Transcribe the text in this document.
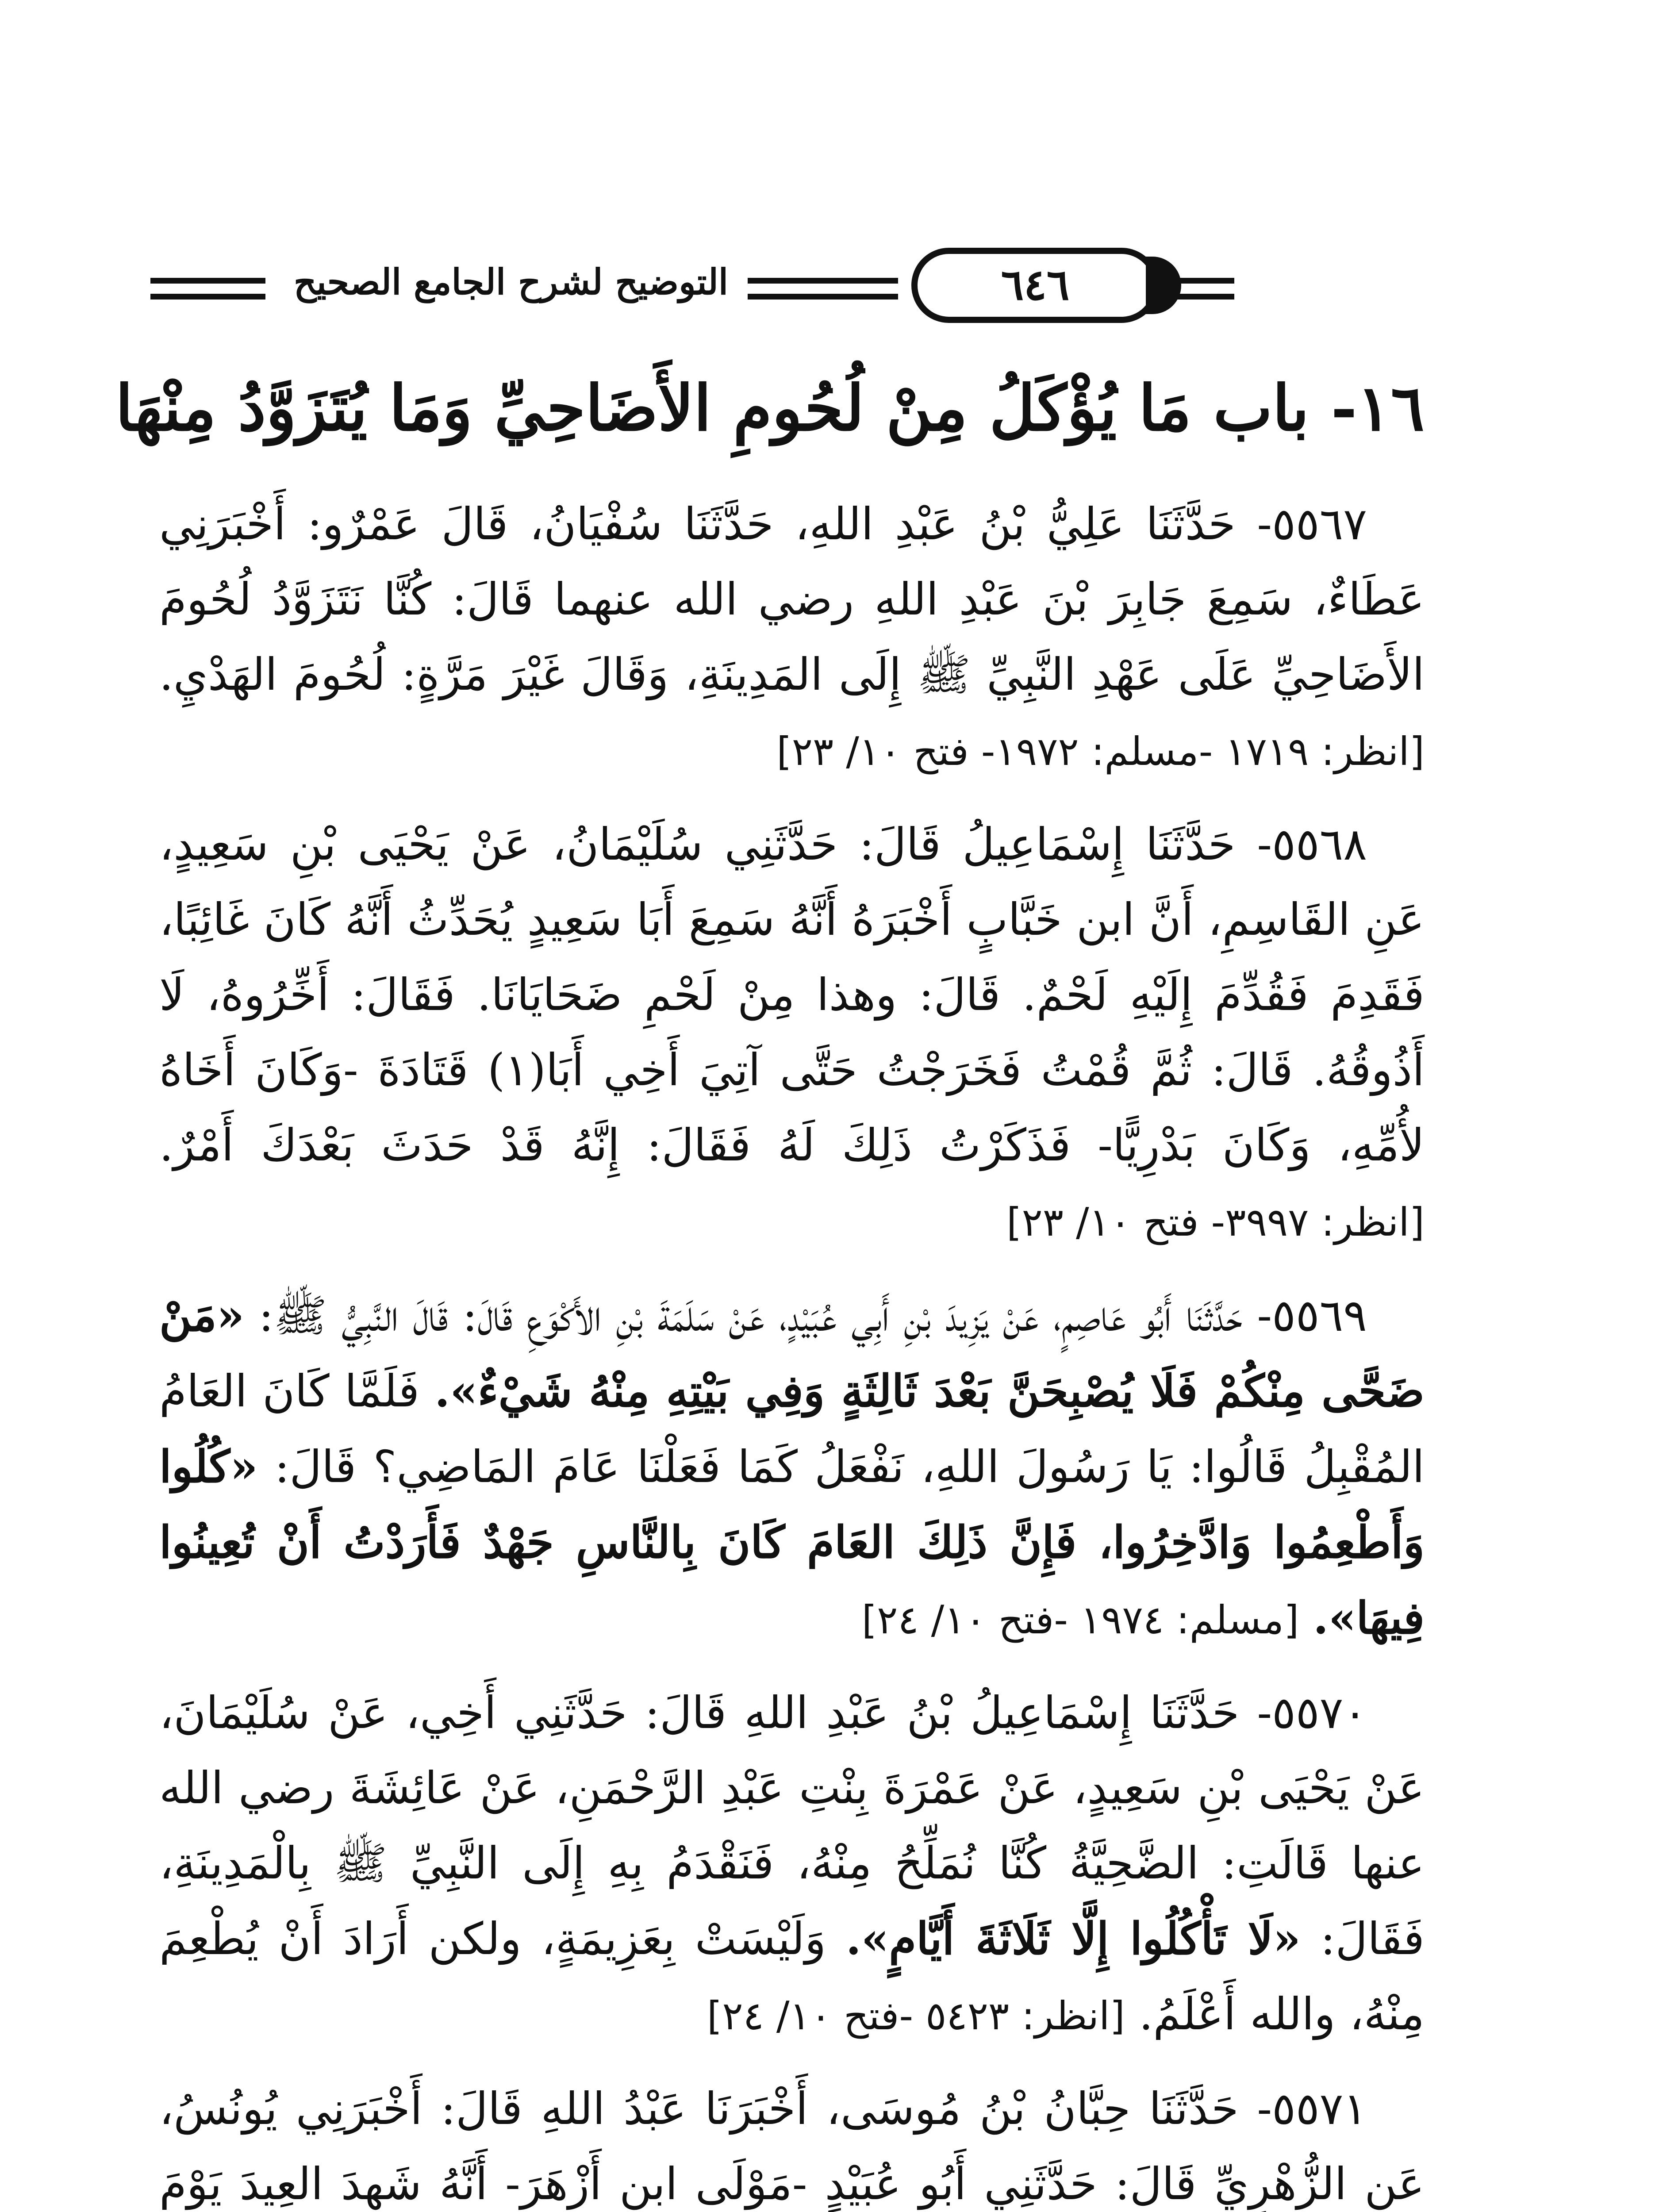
التوضيح لشرح الجامع الصحيح	٦٤٦
١٦- باب مَا يُؤْكَلُ مِنْ لُحُومِ الأَضَاحِيِّ وَمَا يُتَزَوَّدُ مِنْهَا

٥٥٦٧- حَدَّثَنَا عَلِيُّ بْنُ عَبْدِ اللهِ، حَدَّثَنَا سُفْيَانُ، قَالَ عَمْرٌو: أَخْبَرَنِي عَطَاءٌ، سَمِعَ جَابِرَ بْنَ عَبْدِ اللهِ رضي الله عنهما قَالَ: كُنَّا نَتَزَوَّدُ لُحُومَ الأَضَاحِيِّ عَلَى عَهْدِ النَّبِيِّ ﷺ إِلَى المَدِينَةِ، وَقَالَ غَيْرَ مَرَّةٍ: لُحُومَ الهَدْيِ. [انظر: ١٧١٩ -مسلم: ١٩٧٢- فتح ١٠/ ٢٣]

٥٥٦٨- حَدَّثَنَا إِسْمَاعِيلُ قَالَ: حَدَّثَنِي سُلَيْمَانُ، عَنْ يَحْيَى بْنِ سَعِيدٍ، عَنِ القَاسِمِ، أَنَّ ابن خَبَّابٍ أَخْبَرَهُ أَنَّهُ سَمِعَ أَبَا سَعِيدٍ يُحَدِّثُ أَنَّهُ كَانَ غَائِبًا، فَقَدِمَ فَقُدِّمَ إِلَيْهِ لَحْمٌ. قَالَ: وهذا مِنْ لَحْمِ ضَحَايَانَا. فَقَالَ: أَخِّرُوهُ، لَا أَذُوقُهُ. قَالَ: ثُمَّ قُمْتُ فَخَرَجْتُ حَتَّى آتِيَ أَخِي أَبَا(١) قَتَادَةَ -وَكَانَ أَخَاهُ لأُمِّهِ، وَكَانَ بَدْرِيًّا- فَذَكَرْتُ ذَلِكَ لَهُ فَقَالَ: إِنَّهُ قَدْ حَدَثَ بَعْدَكَ أَمْرٌ. [انظر: ٣٩٩٧- فتح ١٠/ ٢٣]

٥٥٦٩- حَدَّثَنَا أَبُو عَاصِمٍ، عَنْ يَزِيدَ بْنِ أَبِي عُبَيْدٍ، عَنْ سَلَمَةَ بْنِ الأَكْوَعِ قَالَ: قَالَ النَّبِيُّ ﷺ: «مَنْ ضَحَّى مِنْكُمْ فَلَا يُصْبِحَنَّ بَعْدَ ثَالِثَةٍ وَفِي بَيْتِهِ مِنْهُ شَيْءٌ». فَلَمَّا كَانَ العَامُ المُقْبِلُ قَالُوا: يَا رَسُولَ اللهِ، نَفْعَلُ كَمَا فَعَلْنَا عَامَ المَاضِي؟ قَالَ: «كُلُوا وَأَطْعِمُوا وَادَّخِرُوا، فَإِنَّ ذَلِكَ العَامَ كَانَ بِالنَّاسِ جَهْدٌ فَأَرَدْتُ أَنْ تُعِينُوا فِيهَا». [مسلم: ١٩٧٤ -فتح ١٠/ ٢٤]

٥٥٧٠- حَدَّثَنَا إِسْمَاعِيلُ بْنُ عَبْدِ اللهِ قَالَ: حَدَّثَنِي أَخِي، عَنْ سُلَيْمَانَ، عَنْ يَحْيَى بْنِ سَعِيدٍ، عَنْ عَمْرَةَ بِنْتِ عَبْدِ الرَّحْمَنِ، عَنْ عَائِشَةَ رضي الله عنها قَالَتِ: الضَّحِيَّةُ كُنَّا نُمَلِّحُ مِنْهُ، فَنَقْدَمُ بِهِ إِلَى النَّبِيِّ ﷺ بِالْمَدِينَةِ، فَقَالَ: «لَا تَأْكُلُوا إِلَّا ثَلَاثَةَ أَيَّامٍ». وَلَيْسَتْ بِعَزِيمَةٍ، ولكن أَرَادَ أَنْ يُطْعِمَ مِنْهُ، والله أَعْلَمُ. [انظر: ٥٤٢٣ -فتح ١٠/ ٢٤]

٥٥٧١- حَدَّثَنَا حِبَّانُ بْنُ مُوسَى، أَخْبَرَنَا عَبْدُ اللهِ قَالَ: أَخْبَرَنِي يُونُسُ، عَنِ الزُّهْرِيِّ قَالَ: حَدَّثَنِي أَبُو عُبَيْدٍ -مَوْلَى ابن أَزْهَرَ- أَنَّهُ شَهِدَ العِيدَ يَوْمَ
